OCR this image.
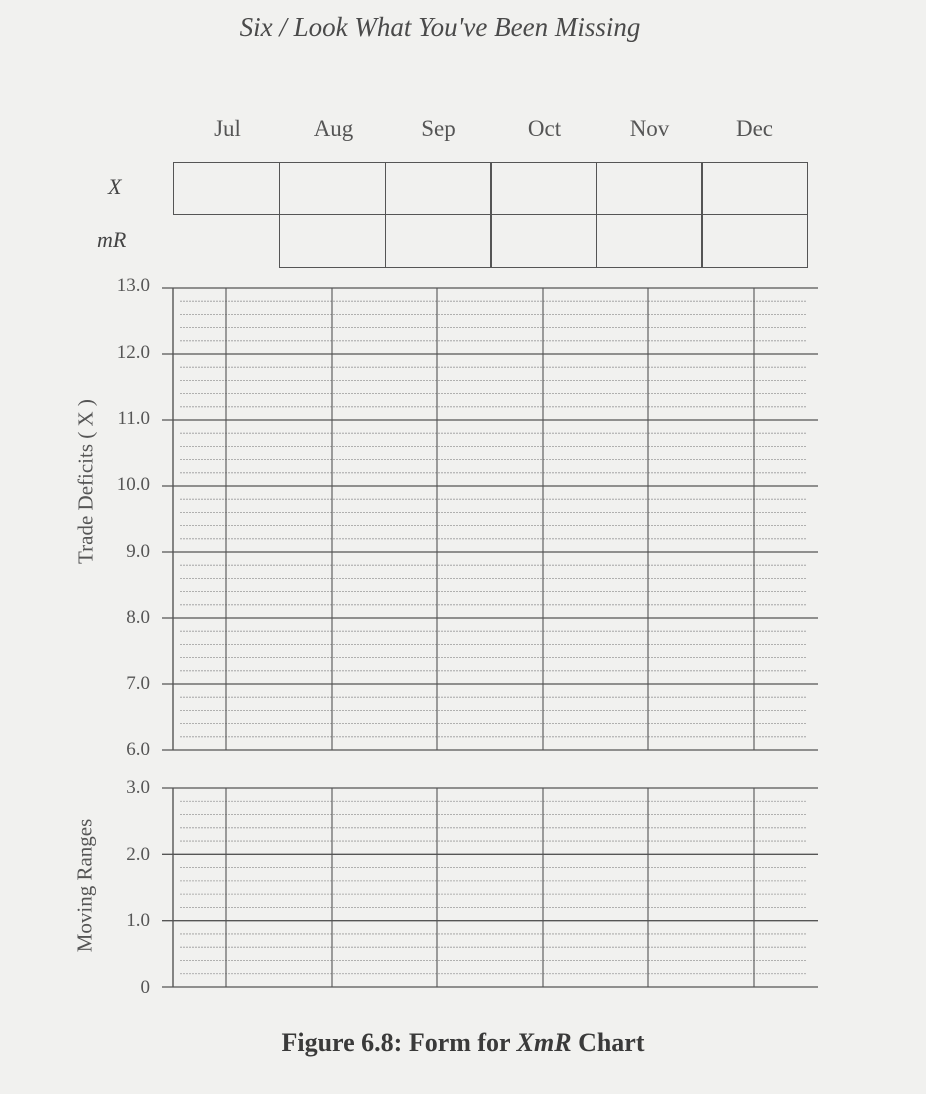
Six / Look What You've Been Missing
Jul	Aug	Sep	Oct	Nov	Dec
X
mR
13.0
12.0
11.0
10.0
9.0
8.0
7.0
6.0
3.0
2.0
1.0
0
Trade Deficits ( X )
Moving Ranges
Figure 6.8: Form for XmR Chart
